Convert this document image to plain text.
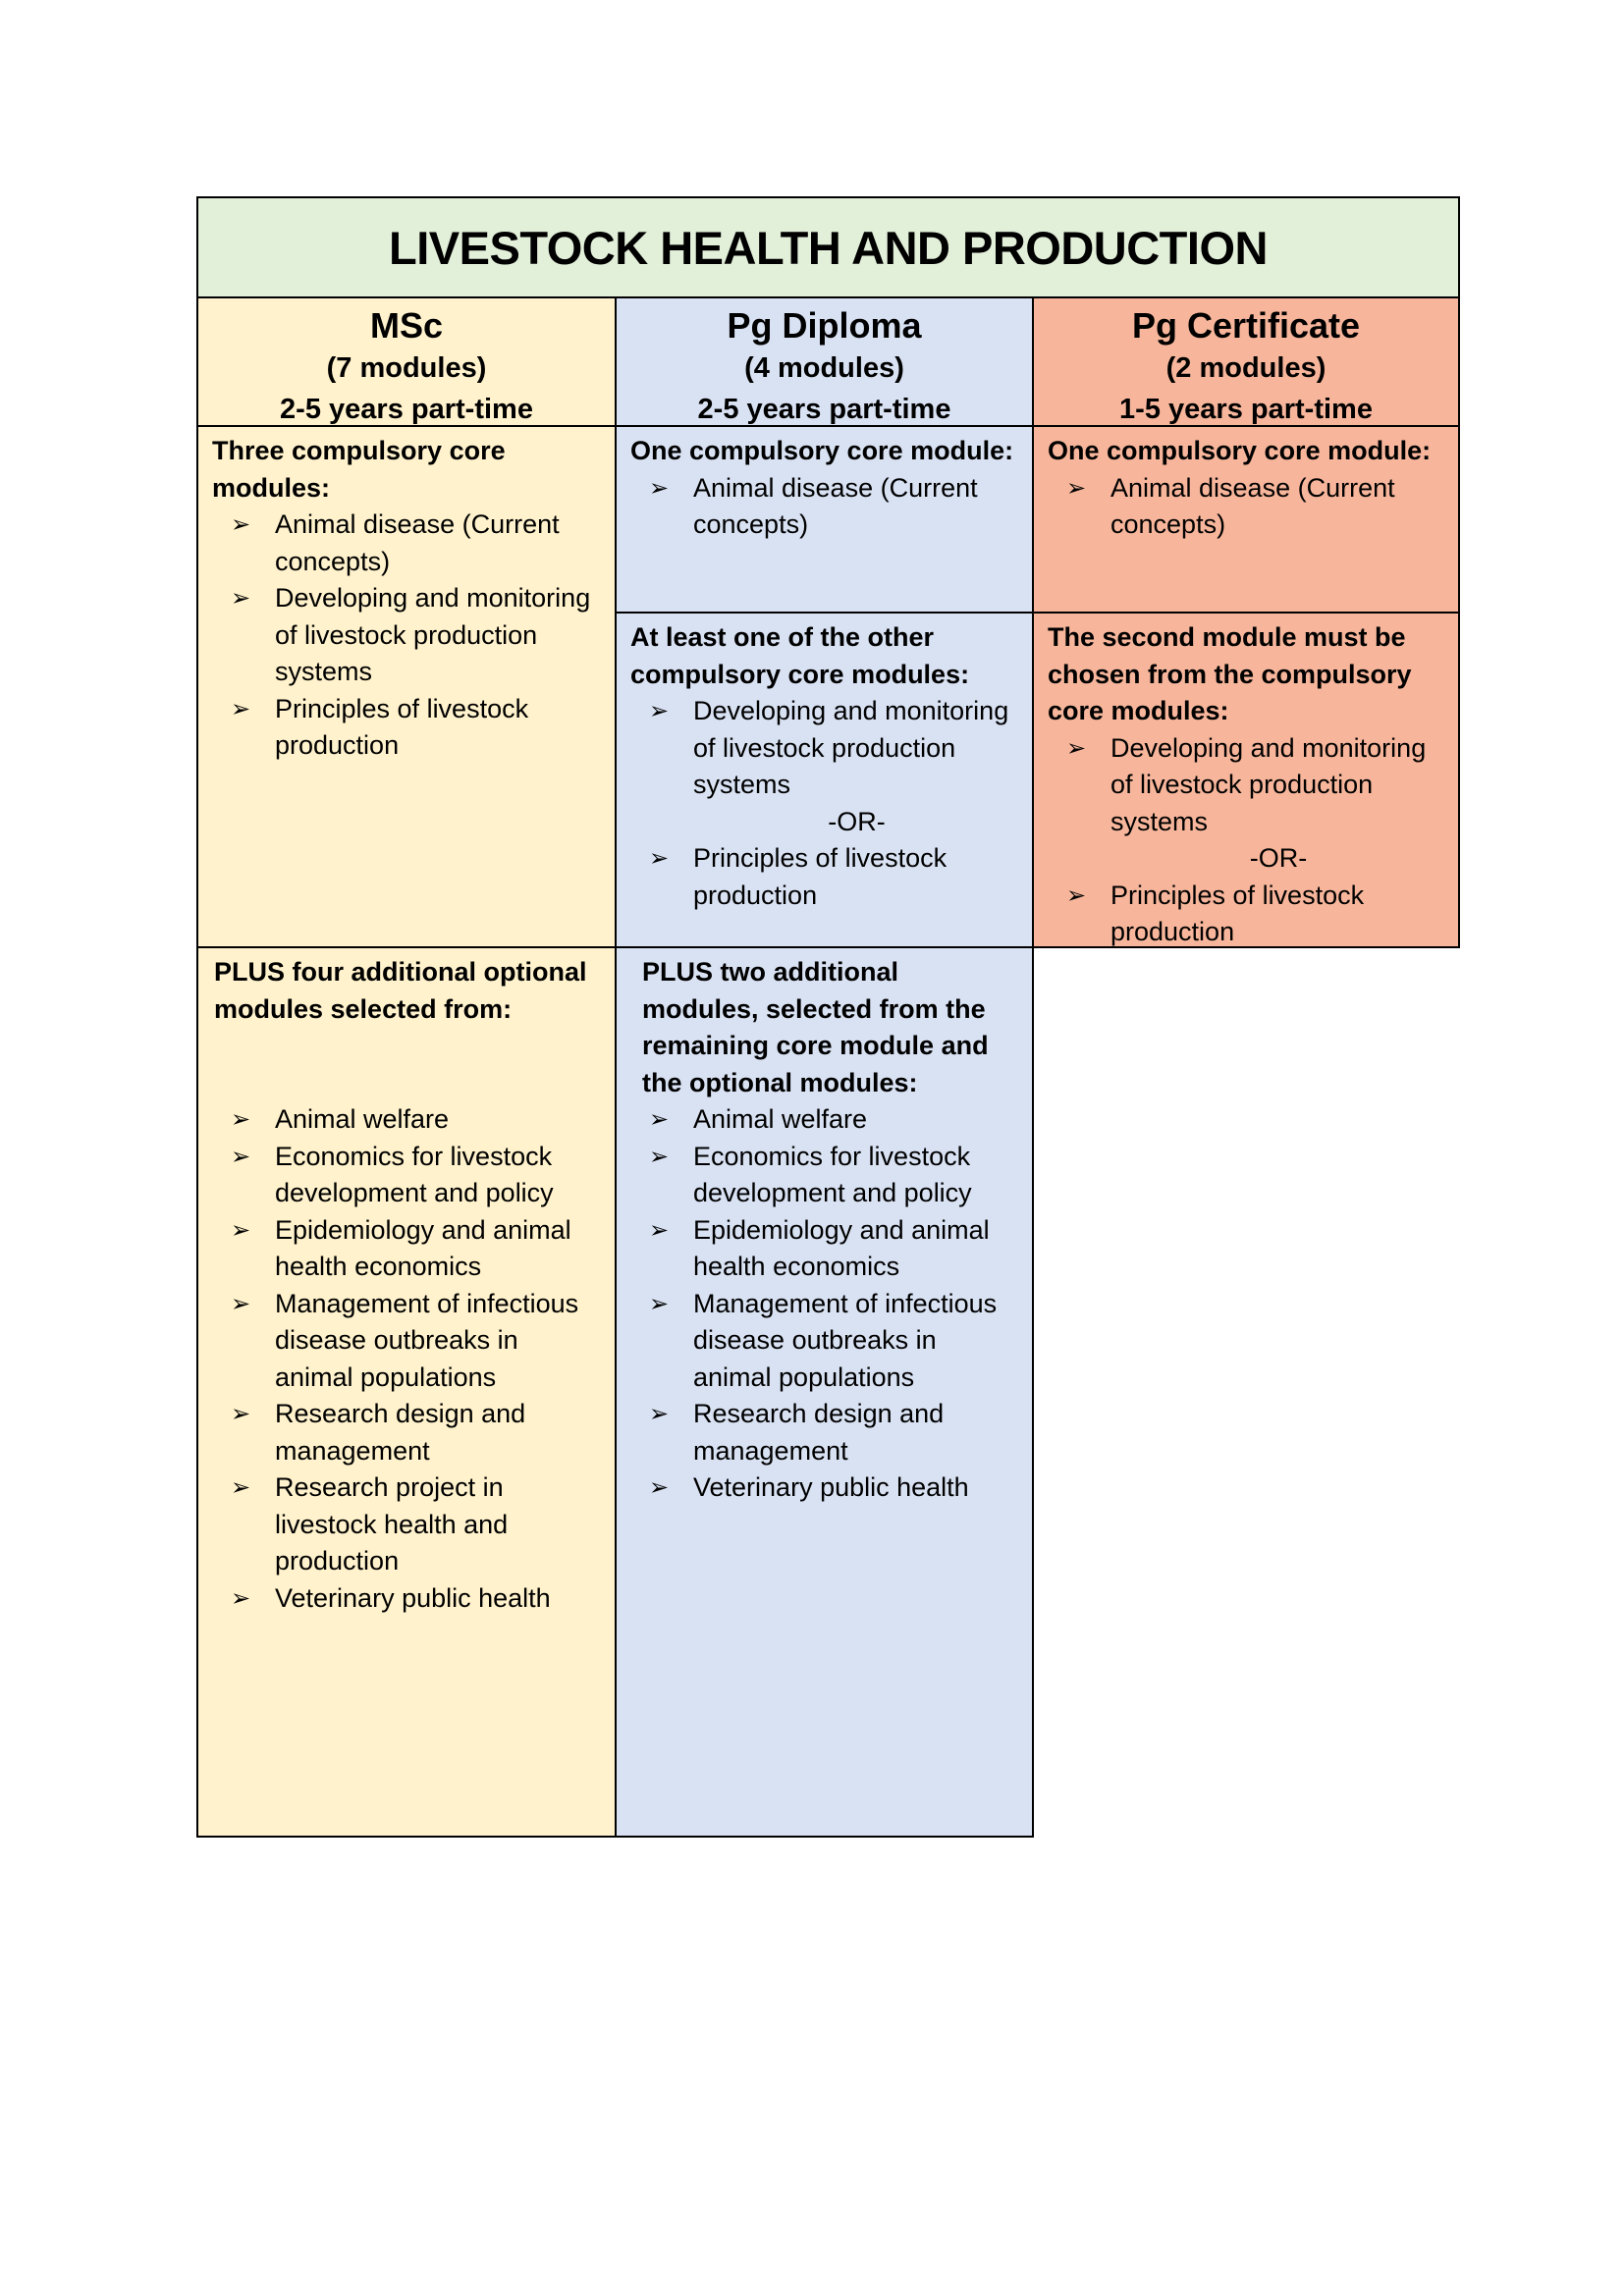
LIVESTOCK HEALTH AND PRODUCTION
MSc
(7 modules)
2-5 years part-time
Pg Diploma
(4 modules)
2-5 years part-time
Pg Certificate
(2 modules)
1-5 years part-time

Three compulsory core modules:

➢ Animal disease (Current concepts)
➢ Developing and monitoring of livestock production systems
➢ Principles of livestock production

One compulsory core module:

➢ Animal disease (Current concepts)

One compulsory core module:

➢ Animal disease (Current concepts)

At least one of the other compulsory core modules:

➢ Developing and monitoring of livestock production systems
-OR-
➢ Principles of livestock production

The second module must be chosen from the compulsory core modules:

➢ Developing and monitoring of livestock production systems
-OR-
➢ Principles of livestock production

PLUS four additional optional modules selected from:

➢ Animal welfare
➢ Economics for livestock development and policy
➢ Epidemiology and animal health economics
➢ Management of infectious disease outbreaks in animal populations
➢ Research design and management
➢ Research project in livestock health and production
➢ Veterinary public health

PLUS two additional modules, selected from the remaining core module and the optional modules:

➢ Animal welfare
➢ Economics for livestock development and policy
➢ Epidemiology and animal health economics
➢ Management of infectious disease outbreaks in animal populations
➢ Research design and management
➢ Veterinary public health
